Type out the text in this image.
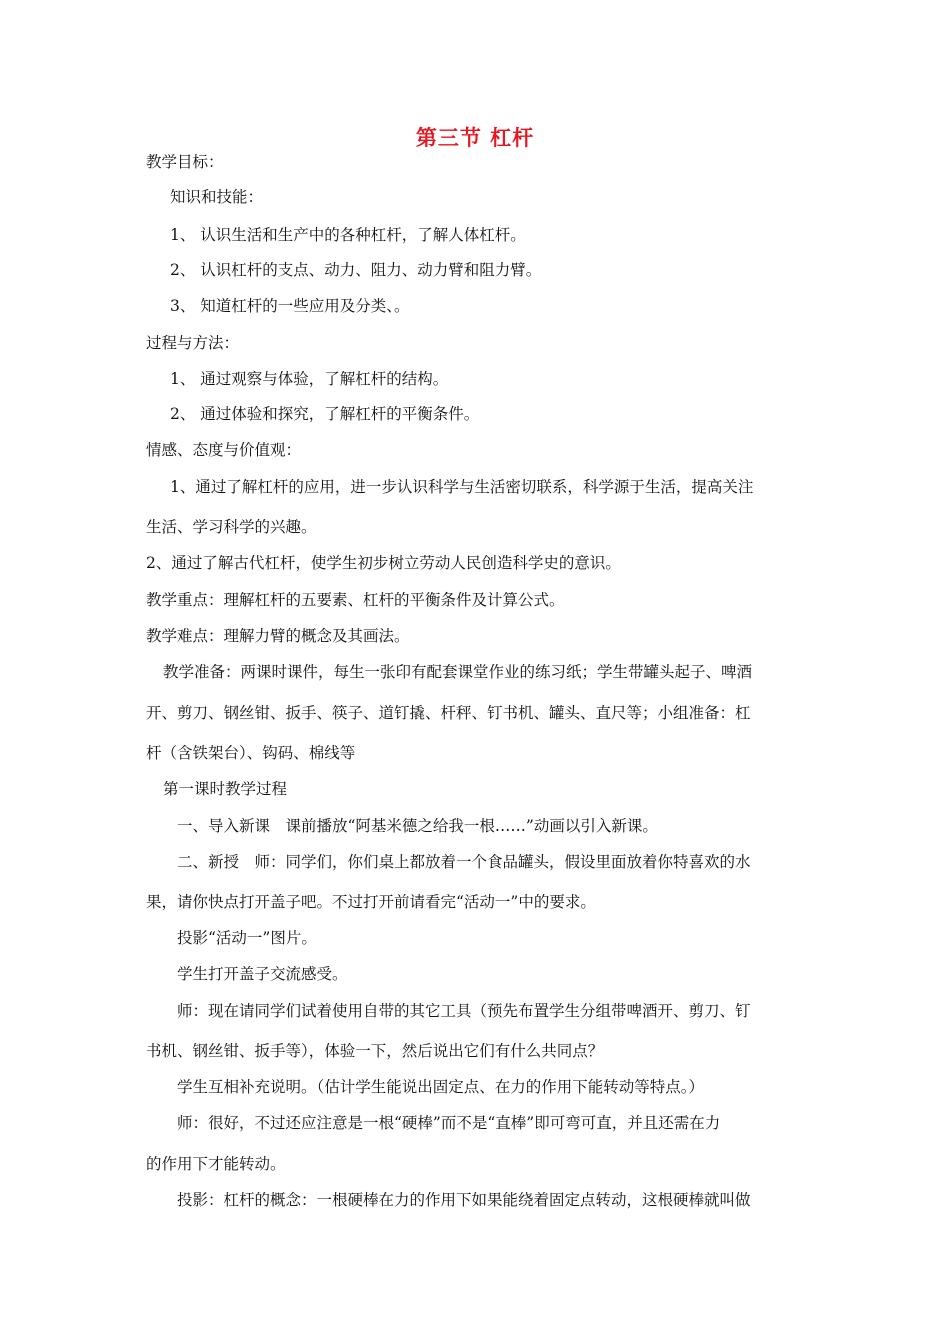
第三节 杠杆
教学目标：
知识和技能：
1、 认识生活和生产中的各种杠杆，了解人体杠杆。
2、 认识杠杆的支点、动力、阻力、动力臂和阻力臂。
3、 知道杠杆的一些应用及分类、。
过程与方法：
1、 通过观察与体验，了解杠杆的结构。
2、 通过体验和探究，了解杠杆的平衡条件。
情感、态度与价值观：
1、通过了解杠杆的应用，进一步认识科学与生活密切联系，科学源于生活，提高关注
生活、学习科学的兴趣。
2、通过了解古代杠杆，使学生初步树立劳动人民创造科学史的意识。
教学重点：理解杠杆的五要素、杠杆的平衡条件及计算公式。
教学难点：理解力臂的概念及其画法。
教学准备：两课时课件，每生一张印有配套课堂作业的练习纸；学生带罐头起子、啤酒
开、剪刀、钢丝钳、扳手、筷子、道钉撬、杆秤、钉书机、罐头、直尺等；小组准备：杠
杆（含铁架台）、钩码、棉线等
第一课时教学过程
一、导入新课　课前播放“阿基米德之给我一根……”动画以引入新课。
二、新授　师：同学们，你们桌上都放着一个食品罐头，假设里面放着你特喜欢的水
果，请你快点打开盖子吧。不过打开前请看完“活动一”中的要求。
投影“活动一”图片。
学生打开盖子交流感受。
师：现在请同学们试着使用自带的其它工具（预先布置学生分组带啤酒开、剪刀、钉
书机、钢丝钳、扳手等），体验一下，然后说出它们有什么共同点？
学生互相补充说明。（估计学生能说出固定点、在力的作用下能转动等特点。）
师：很好，不过还应注意是一根“硬棒”而不是“直棒”即可弯可直，并且还需在力
的作用下才能转动。
投影：杠杆的概念：一根硬棒在力的作用下如果能绕着固定点转动，这根硬棒就叫做
